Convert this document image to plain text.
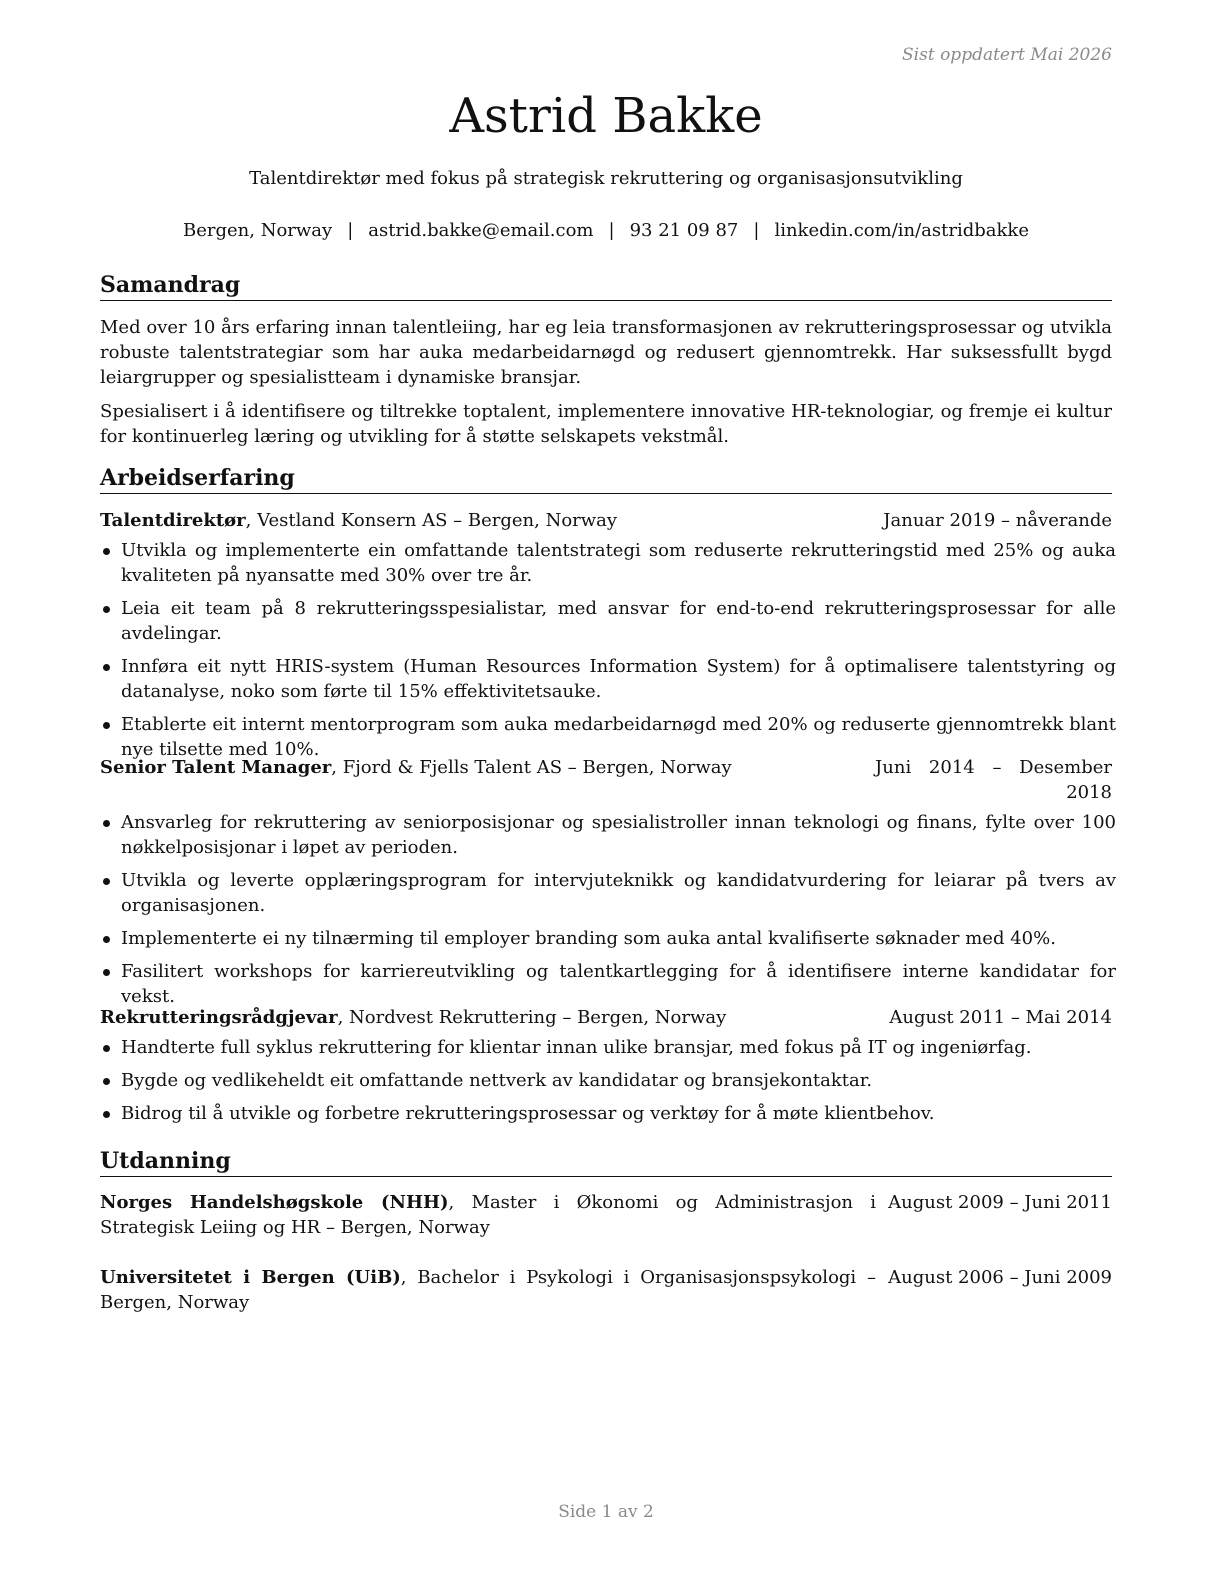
Sist oppdatert Mai 2026
Astrid Bakke
Talentdirektør med fokus på strategisk rekruttering og organisasjonsutvikling
Bergen, Norway | astrid.bakke@email.com | 93 21 09 87 | linkedin.com/in/astridbakke
Samandrag
Med over 10 års erfaring innan talentleiing, har eg leia transformasjonen av rekrutteringsprosessar og utvikla robuste talentstrategiar som har auka medarbeidarnøgd og redusert gjennomtrekk. Har suksessfullt bygd leiargrupper og spesialistteam i dynamiske bransjar.
Spesialisert i å identifisere og tiltrekke toptalent, implementere innovative HR-teknologiar, og fremje ei kultur for kontinuerleg læring og utvikling for å støtte selskapets vekstmål.
Arbeidserfaring
Talentdirektør, Vestland Konsern AS – Bergen, Norway	Januar 2019 – nåverande
Utvikla og implementerte ein omfattande talentstrategi som reduserte rekrutteringstid med 25% og auka kvaliteten på nyansatte med 30% over tre år.
Leia eit team på 8 rekrutteringsspesialistar, med ansvar for end-to-end rekrutteringsprosessar for alle avdelingar.
Innføra eit nytt HRIS-system (Human Resources Information System) for å optimalisere talentstyring og datanalyse, noko som førte til 15% effektivitetsauke.
Etablerte eit internt mentorprogram som auka medarbeidarnøgd med 20% og reduserte gjennomtrekk blant nye tilsette med 10%.
Senior Talent Manager, Fjord & Fjells Talent AS – Bergen, Norway	Juni 2014 – Desember
2018
Ansvarleg for rekruttering av seniorposisjonar og spesialistroller innan teknologi og finans, fylte over 100 nøkkelposisjonar i løpet av perioden.
Utvikla og leverte opplæringsprogram for intervjuteknikk og kandidatvurdering for leiarar på tvers av organisasjonen.
Implementerte ei ny tilnærming til employer branding som auka antal kvalifiserte søknader med 40%.
Fasilitert workshops for karriereutvikling og talentkartlegging for å identifisere interne kandidatar for vekst.
Rekrutteringsrådgjevar, Nordvest Rekruttering – Bergen, Norway	August 2011 – Mai 2014
Handterte full syklus rekruttering for klientar innan ulike bransjar, med fokus på IT og ingeniørfag.
Bygde og vedlikeheldt eit omfattande nettverk av kandidatar og bransjekontaktar.
Bidrog til å utvikle og forbetre rekrutteringsprosessar og verktøy for å møte klientbehov.
Utdanning
Norges Handelshøgskole (NHH), Master i Økonomi og Administrasjon i Strategisk Leiing og HR – Bergen, Norway
August 2009 – Juni 2011
Universitetet i Bergen (UiB), Bachelor i Psykologi i Organisasjonspsykologi – Bergen, Norway
August 2006 – Juni 2009
Side 1 av 2
